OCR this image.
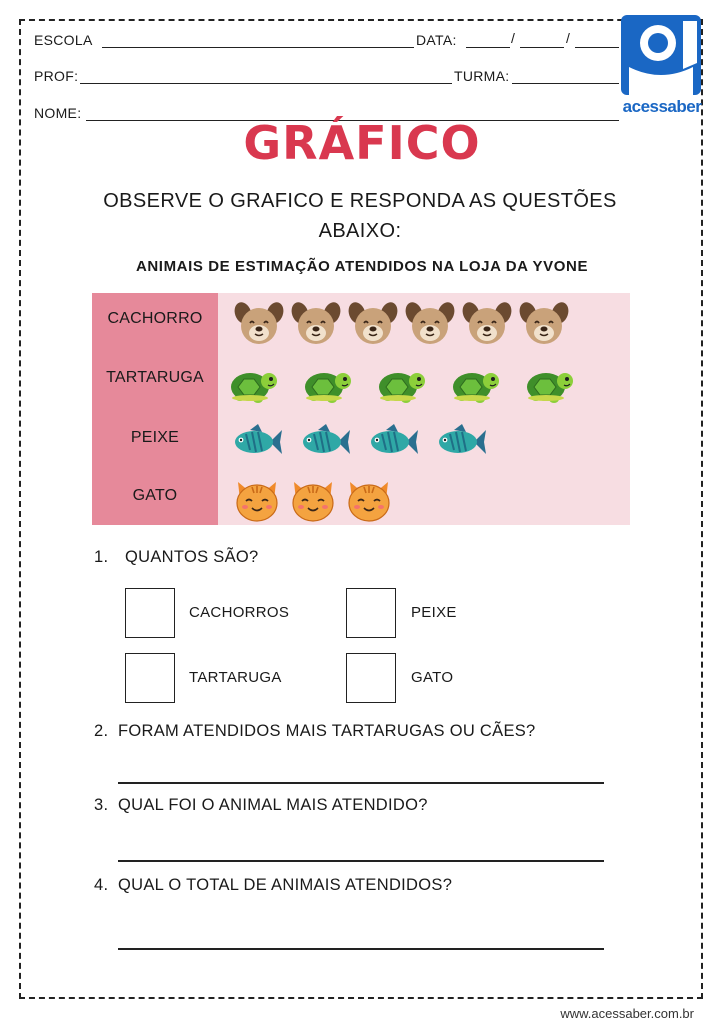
ESCOLA	DATA:	/	/
PROF:	TURMA:
NOME:	acessaber
GRÁFICO
OBSERVE O GRAFICO E RESPONDA AS QUESTÕES ABAIXO:
ANIMAIS DE ESTIMAÇÃO ATENDIDOS NA LOJA DA YVONE
CACHORRO
TARTARUGA
PEIXE
GATO
1. QUANTOS SÃO?
CACHORROS	PEIXE
TARTARUGA	GATO
2. FORAM ATENDIDOS MAIS TARTARUGAS OU CÃES?
3. QUAL FOI O ANIMAL MAIS ATENDIDO?
4. QUAL O TOTAL DE ANIMAIS ATENDIDOS?
www.acessaber.com.br
